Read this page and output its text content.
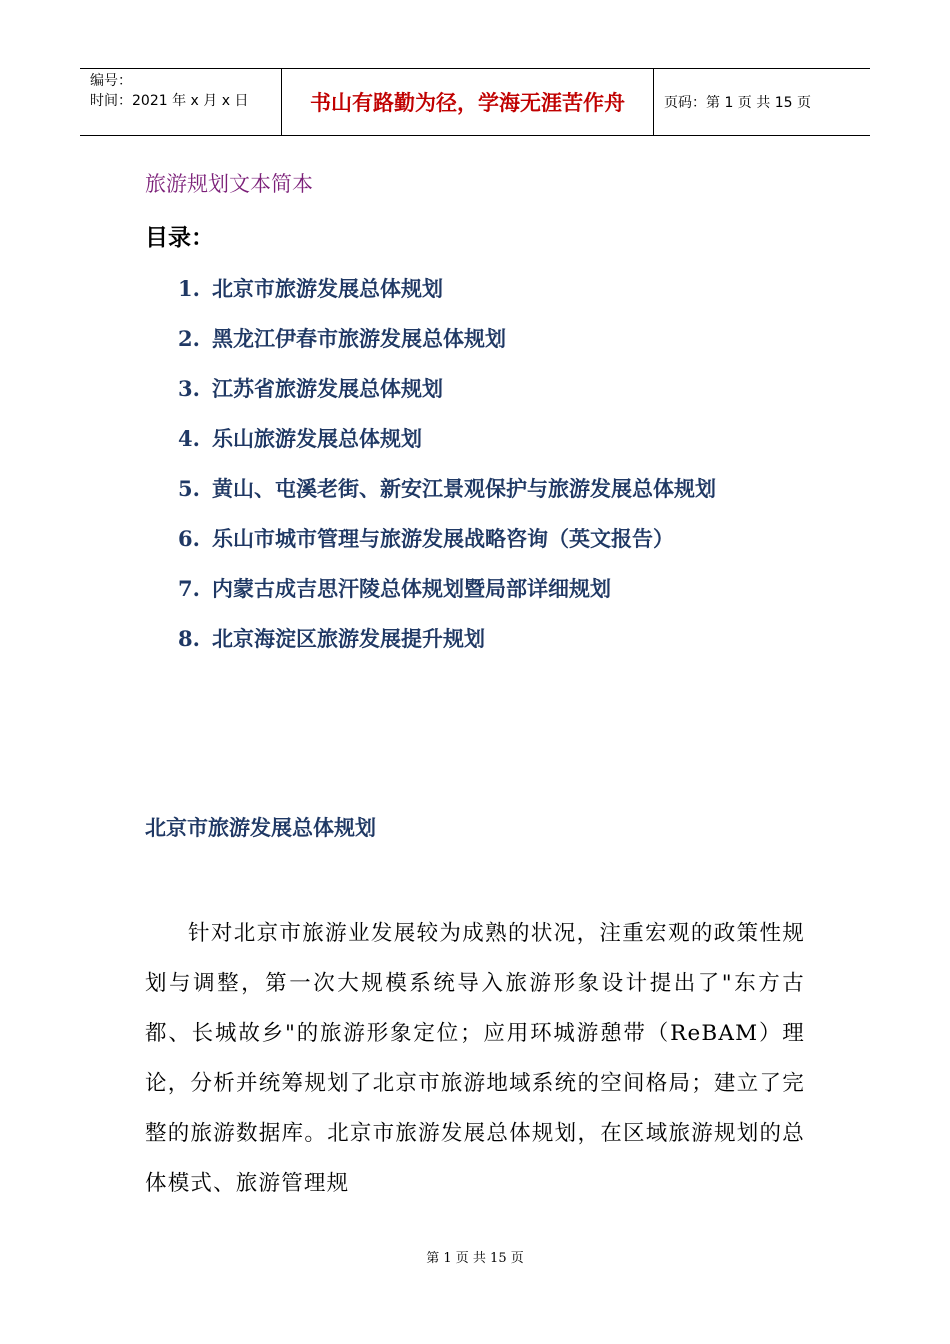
编号：
时间：2021 年 x 月 x 日	书山有路勤为径，学海无涯苦作舟	页码：第 1 页 共 15 页
旅游规划文本简本
目录：
1. 北京市旅游发展总体规划
2. 黑龙江伊春市旅游发展总体规划
3. 江苏省旅游发展总体规划
4. 乐山旅游发展总体规划
5. 黄山、屯溪老街、新安江景观保护与旅游发展总体规划
6. 乐山市城市管理与旅游发展战略咨询（英文报告）
7. 内蒙古成吉思汗陵总体规划暨局部详细规划
8. 北京海淀区旅游发展提升规划
北京市旅游发展总体规划

针对北京市旅游业发展较为成熟的状况，注重宏观的政策性规划与调整，第一次大规模系统导入旅游形象设计提出了"东方古都、长城故乡"的旅游形象定位；应用环城游憩带（ReBAM）理论，分析并统筹规划了北京市旅游地域系统的空间格局；建立了完整的旅游数据库。北京市旅游发展总体规划，在区域旅游规划的总体模式、旅游管理规

第 1 页 共 15 页
